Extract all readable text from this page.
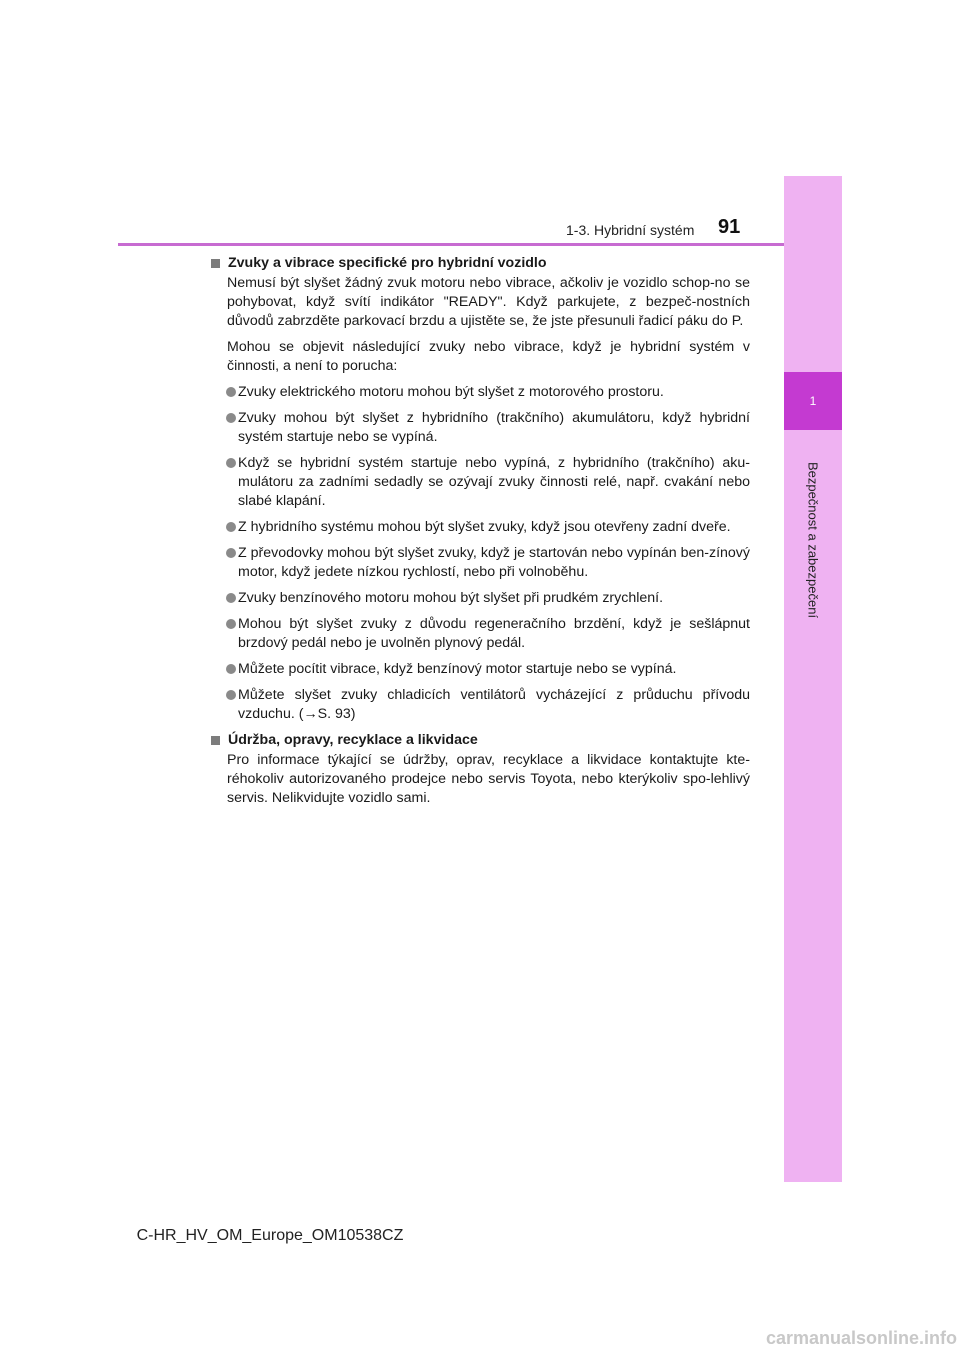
1
Bezpečnost a zabezpečení
1-3. Hybridní systém 91
Zvuky a vibrace specifické pro hybridní vozidlo
Nemusí být slyšet žádný zvuk motoru nebo vibrace, ačkoliv je vozidlo schop-no se pohybovat, když svítí indikátor "READY". Když parkujete, z bezpeč-nostních důvodů zabrzděte parkovací brzdu a ujistěte se, že jste přesunuli řadicí páku do P.
Mohou se objevit následující zvuky nebo vibrace, když je hybridní systém v činnosti, a není to porucha:
Zvuky elektrického motoru mohou být slyšet z motorového prostoru.
Zvuky mohou být slyšet z hybridního (trakčního) akumulátoru, když hybridní systém startuje nebo se vypíná.
Když se hybridní systém startuje nebo vypíná, z hybridního (trakčního) aku-mulátoru za zadními sedadly se ozývají zvuky činnosti relé, např. cvakání nebo slabé klapání.
Z hybridního systému mohou být slyšet zvuky, když jsou otevřeny zadní dveře.
Z převodovky mohou být slyšet zvuky, když je startován nebo vypínán ben-zínový motor, když jedete nízkou rychlostí, nebo při volnoběhu.
Zvuky benzínového motoru mohou být slyšet při prudkém zrychlení.
Mohou být slyšet zvuky z důvodu regeneračního brzdění, když je sešlápnut brzdový pedál nebo je uvolněn plynový pedál.
Můžete pocítit vibrace, když benzínový motor startuje nebo se vypíná.
Můžete slyšet zvuky chladicích ventilátorů vycházející z průduchu přívodu vzduchu. (→S. 93)
Údržba, opravy, recyklace a likvidace
Pro informace týkající se údržby, oprav, recyklace a likvidace kontaktujte kte-réhokoliv autorizovaného prodejce nebo servis Toyota, nebo kterýkoliv spo-lehlivý servis. Nelikvidujte vozidlo sami.
C-HR_HV_OM_Europe_OM10538CZ
carmanualsonline.info
